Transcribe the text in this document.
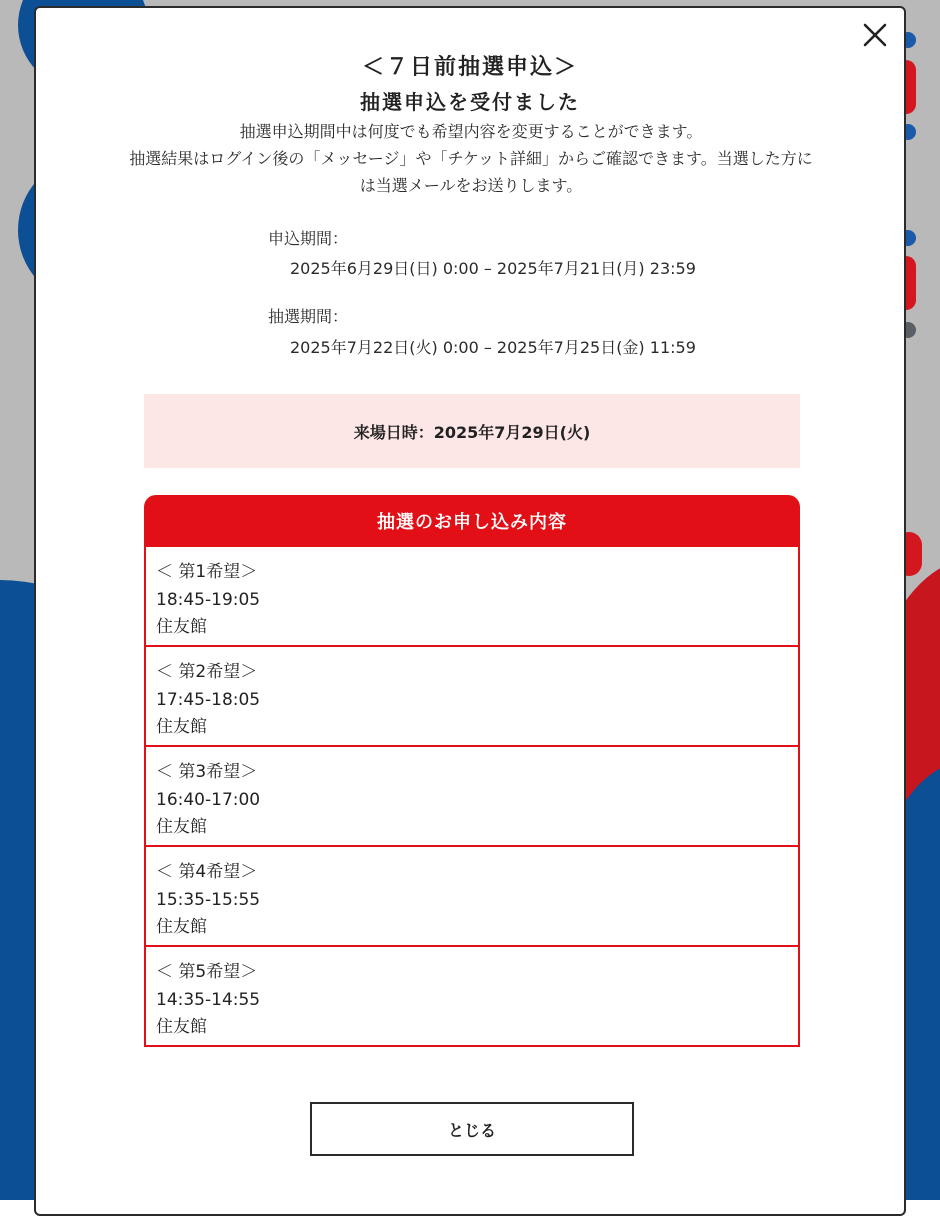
＜７日前抽選申込＞
抽選申込を受付ました
抽選申込期間中は何度でも希望内容を変更することができます。
抽選結果はログイン後の「メッセージ」や「チケット詳細」からご確認できます。当選した方に
は当選メールをお送りします。
申込期間：
2025年6月29日(日) 0:00 – 2025年7月21日(月) 23:59
抽選期間：
2025年7月22日(火) 0:00 – 2025年7月25日(金) 11:59
来場日時：2025年7月29日(火)
抽選のお申し込み内容
＜ 第1希望＞
18:45-19:05
住友館
＜ 第2希望＞
17:45-18:05
住友館
＜ 第3希望＞
16:40-17:00
住友館
＜ 第4希望＞
15:35-15:55
住友館
＜ 第5希望＞
14:35-14:55
住友館
とじる
